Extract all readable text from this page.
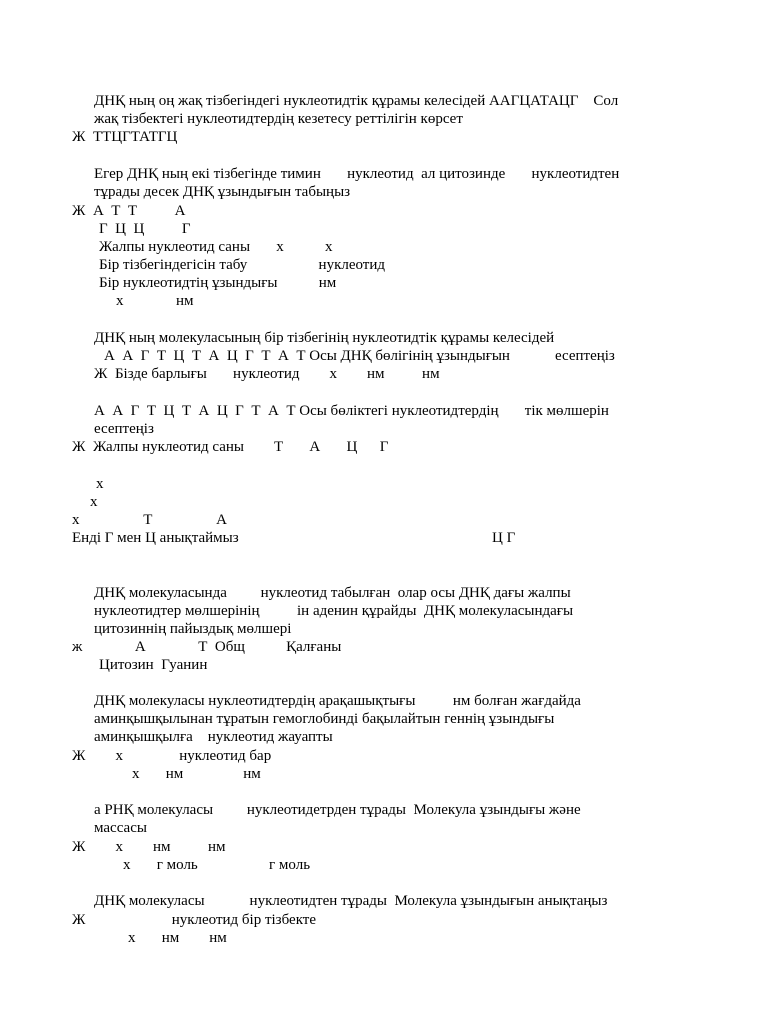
ДНҚ ның оң жақ тізбегіндегі нуклеотидтік құрамы келесідей ААГЦАТАЦГ    Сол
жақ тізбектегі нуклеотидтердің кезетесу реттілігін көрсет
Ж  ТТЦГТАТГЦ
Егер ДНҚ ның екі тізбегінде тимин       нуклеотид  ал цитозинде       нуклеотидтен
тұрады десек ДНҚ ұзындығын табыңыз
Ж  А  Т  Т          А
Г  Ц  Ц          Г
Жалпы нуклеотид саны       х           х
Бір тізбегіндегісін табу                   нуклеотид
Бір нуклеотидтің ұзындығы           нм
х              нм
ДНҚ ның молекуласының бір тізбегінің нуклеотидтік құрамы келесідей
А  А  Г  Т  Ц  Т  А  Ц  Г  Т  А  Т Осы ДНҚ бөлігінің ұзындығын            есептеңіз
Ж  Бізде барлығы       нуклеотид        х        нм          нм
А  А  Г  Т  Ц  Т  А  Ц  Г  Т  А  Т Осы бөліктегі нуклеотидтердің       тік мөлшерін
есептеңіз
Ж  Жалпы нуклеотид саны        Т       А       Ц      Г
х
х
х                 Т                 А
Енді Г мен Ц анықтаймыз	Ц Г
ДНҚ молекуласында         нуклеотид табылған  олар осы ДНҚ дағы жалпы
нуклеотидтер мөлшерінің          ін аденин құрайды  ДНҚ молекуласындағы
цитозиннің пайыздық мөлшері
ж              А              Т  Общ           Қалғаны
Цитозин  Гуанин
ДНҚ молекуласы нуклеотидтердің арақашықтығы          нм болған жағдайда
аминқышқылынан тұратын гемоглобинді бақылайтын геннің ұзындығы
аминқышқылға    нуклеотид жауапты
Ж        х               нуклеотид бар
х       нм                нм
а РНҚ молекуласы         нуклеотидетрден тұрады  Молекула ұзындығы және
массасы
Ж        х        нм          нм
х       г моль                   г моль
ДНҚ молекуласы            нуклеотидтен тұрады  Молекула ұзындығын анықтаңыз
Ж                       нуклеотид бір тізбекте
х       нм        нм
